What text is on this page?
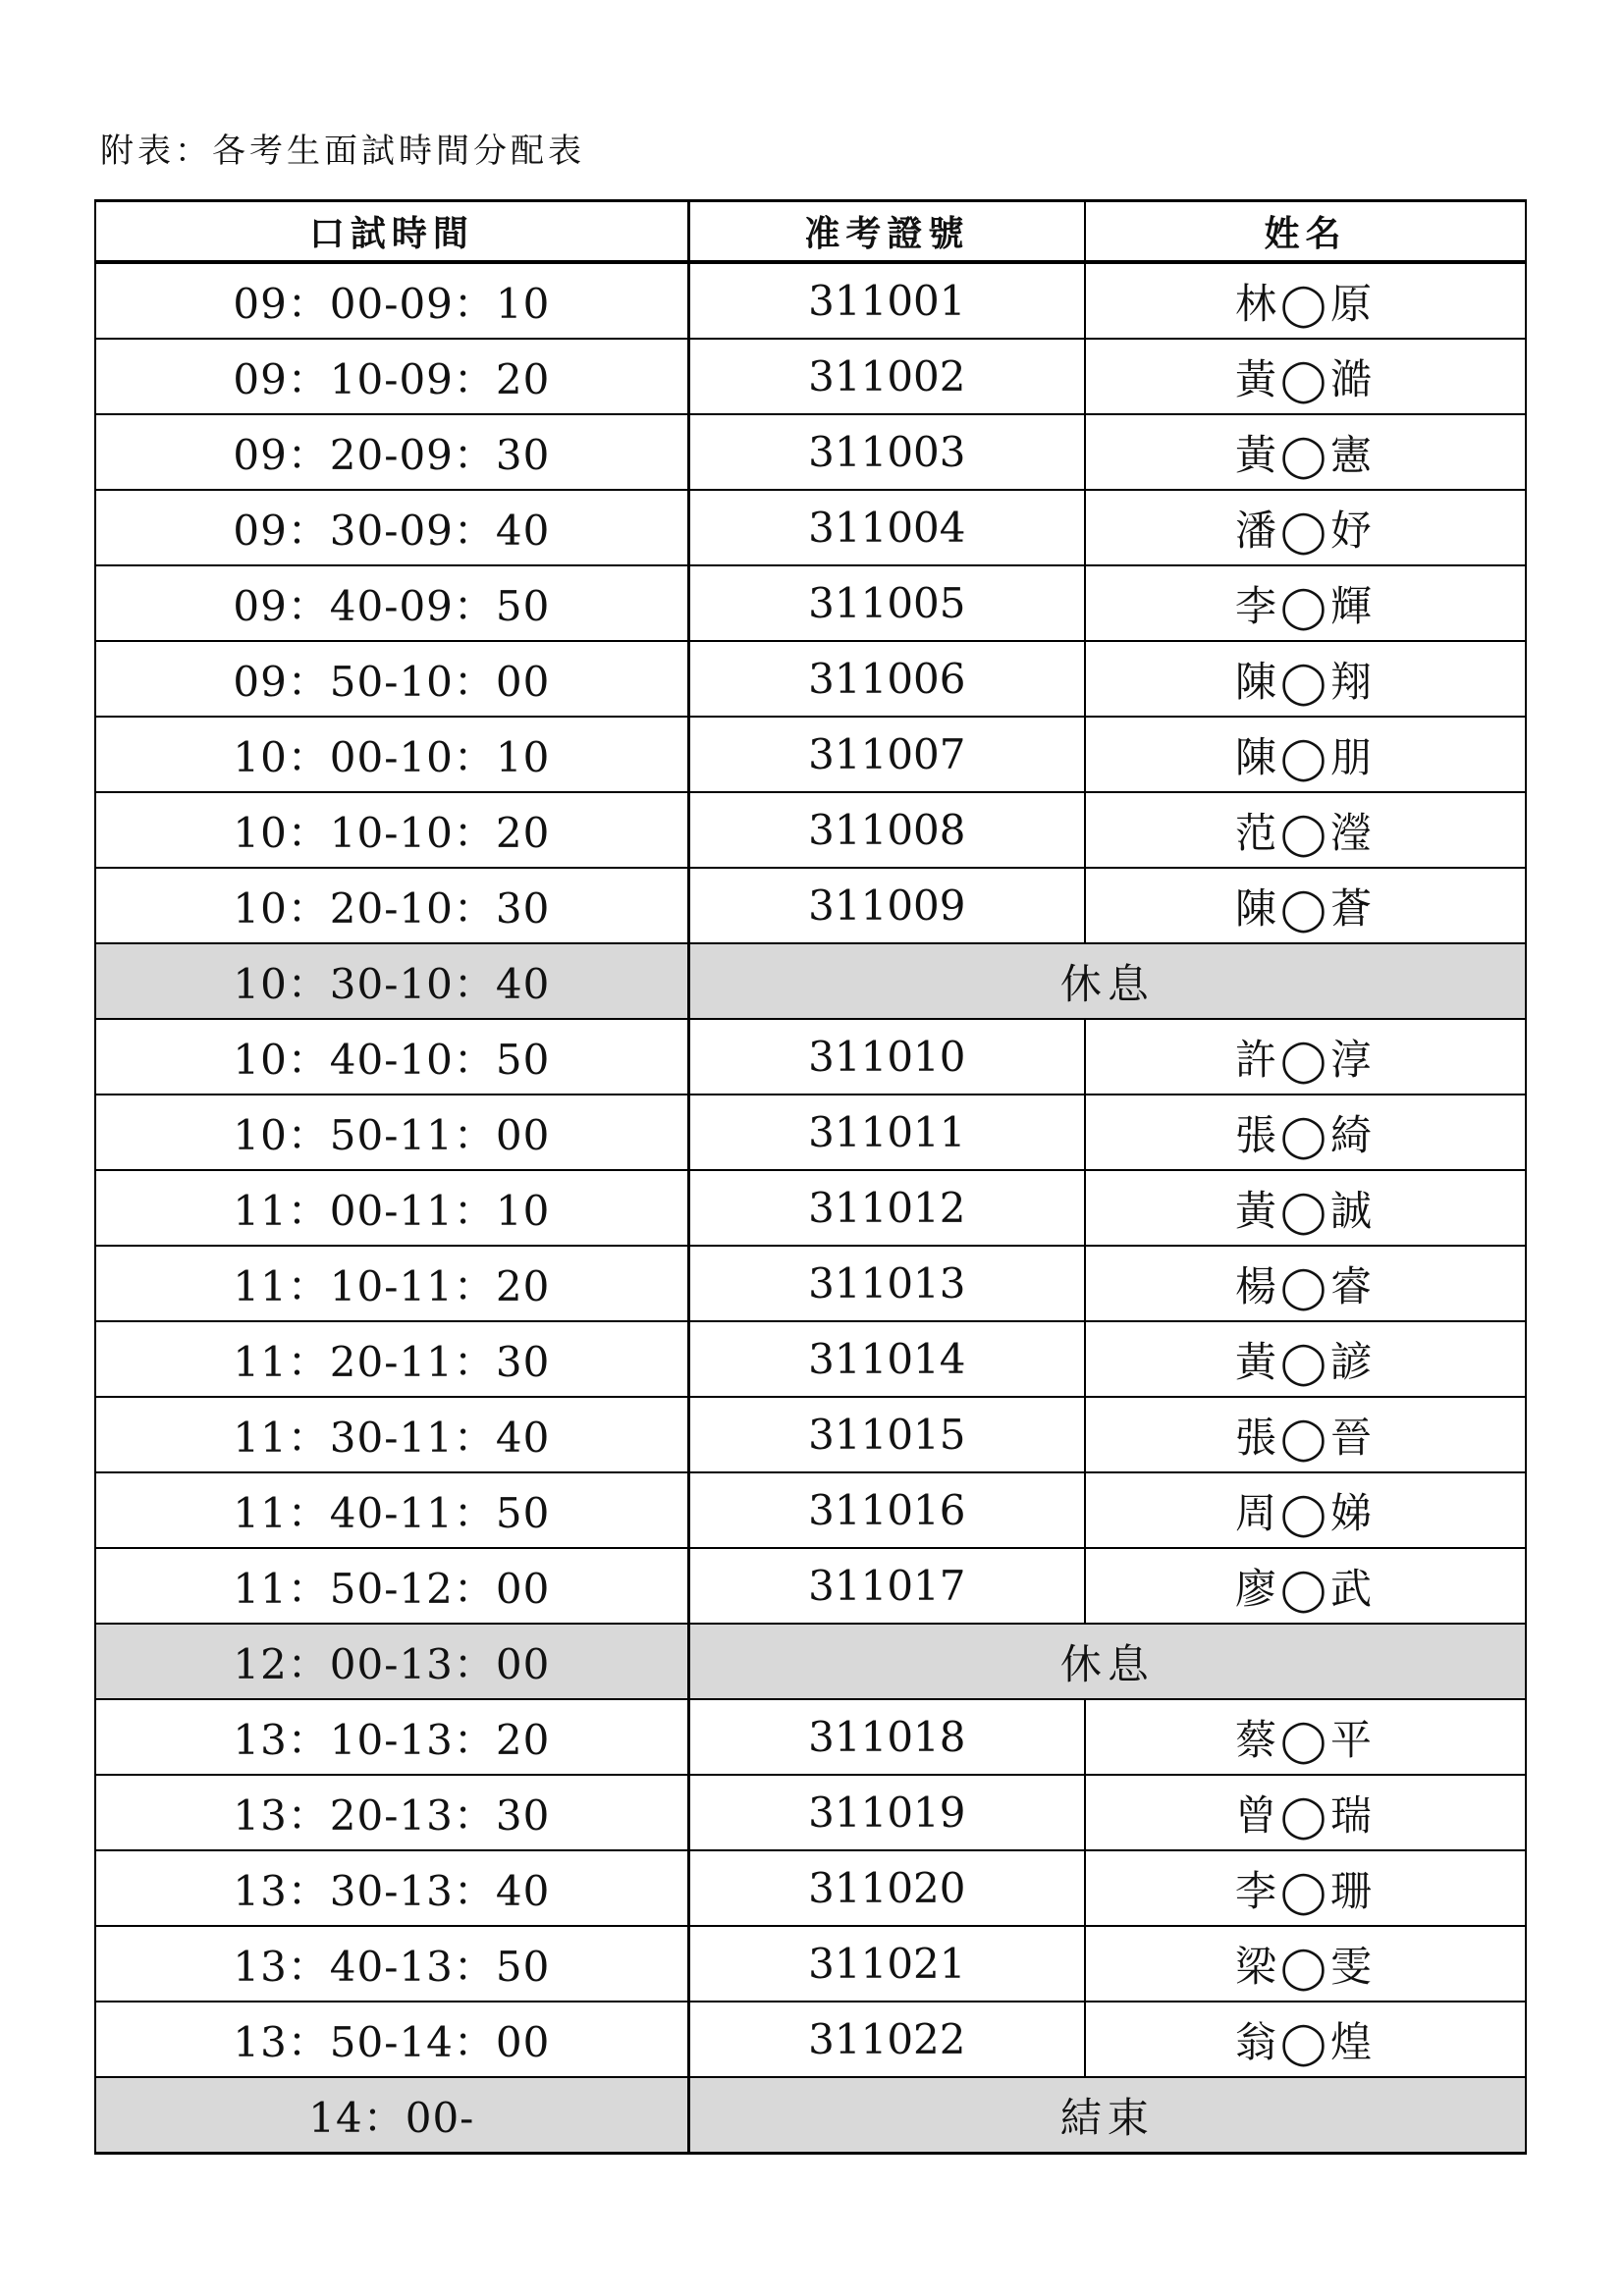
附表：各考生面試時間分配表
口試時間	准考證號	姓名
09：00-09：10	311001	林◯原
09：10-09：20	311002	黃◯澔
09：20-09：30	311003	黃◯憲
09：30-09：40	311004	潘◯妤
09：40-09：50	311005	李◯輝
09：50-10：00	311006	陳◯翔
10：00-10：10	311007	陳◯朋
10：10-10：20	311008	范◯瀅
10：20-10：30	311009	陳◯蒼
10：30-10：40	休息	
10：40-10：50	311010	許◯淳
10：50-11：00	311011	張◯綺
11：00-11：10	311012	黃◯誠
11：10-11：20	311013	楊◯睿
11：20-11：30	311014	黃◯諺
11：30-11：40	311015	張◯晉
11：40-11：50	311016	周◯娣
11：50-12：00	311017	廖◯武
12：00-13：00	休息	
13：10-13：20	311018	蔡◯平
13：20-13：30	311019	曾◯瑞
13：30-13：40	311020	李◯珊
13：40-13：50	311021	梁◯雯
13：50-14：00	311022	翁◯煌
14：00-	結束	
